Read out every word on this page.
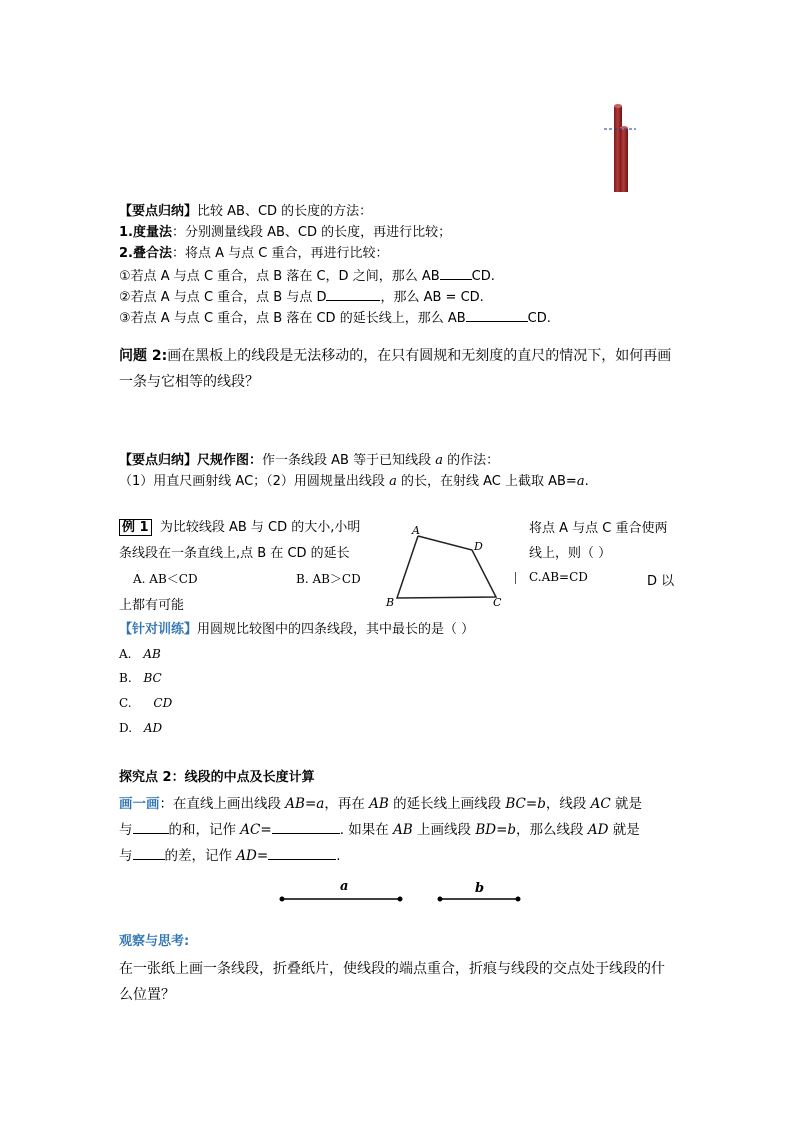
【要点归纳】比较 AB、CD 的长度的方法：
1.度量法：分别测量线段 AB、CD 的长度，再进行比较；
2.叠合法：将点 A 与点 C 重合，再进行比较：
①若点 A 与点 C 重合，点 B 落在 C，D 之间，那么 AB CD.
②若点 A 与点 C 重合，点 B 与点 D	，那么 AB = CD.
③若点 A 与点 C 重合，点 B 落在 CD 的延长线上，那么 AB	CD.
问题 2:画在黑板上的线段是无法移动的，在只有圆规和无刻度的直尺的情况下，如何再画一条与它相等的线段？
【要点归纳】尺规作图：作一条线段 AB 等于已知线段 a 的作法：
（1）用直尺画射线 AC；（2）用圆规量出线段 a 的长，在射线 AC 上截取 AB=a.
例 1 为比较线段 AB 与 CD 的大小,小明	将点 A 与点 C 重合使两
条线段在一条直线上,点 B 在 CD 的延长	线上，则（ ）
A. AB＜CD	B. AB＞CD	C.AB=CD	D 以
上都有可能
A
D
B	C
【针对训练】用圆规比较图中的四条线段，其中最长的是（ ）
A. AB
B. BC
C. CD
D. AD
探究点 2：线段的中点及长度计算
画一画：在直线上画出线段 AB=a，再在 AB 的延长线上画线段 BC=b，线段 AC 就是
与	的和，记作 AC=	. 如果在 AB 上画线段 BD=b，那么线段 AD 就是
与 的差，记作 AD=	.
a	b
观察与思考:
在一张纸上画一条线段，折叠纸片，使线段的端点重合，折痕与线段的交点处于线段的什么位置？
